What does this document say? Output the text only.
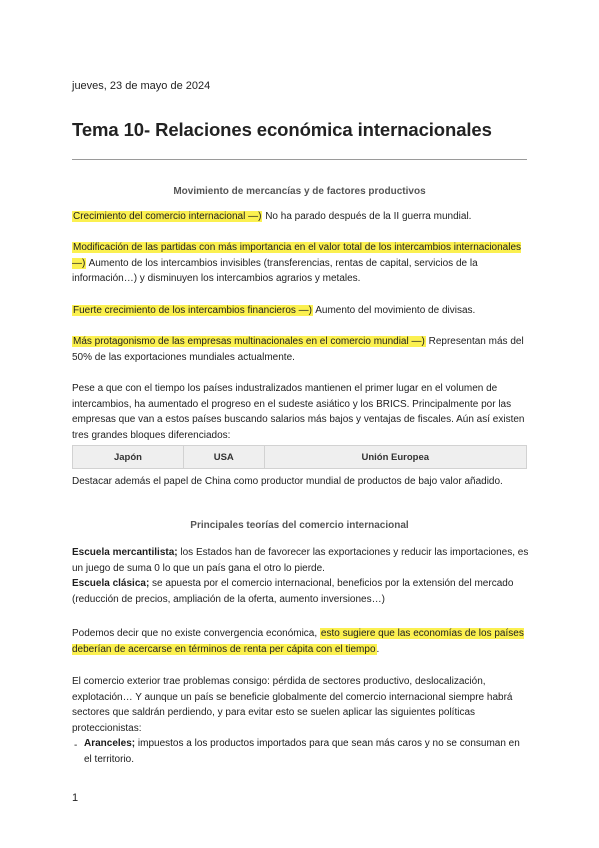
jueves, 23 de mayo de 2024
Tema 10- Relaciones económica internacionales
Movimiento de mercancías y de factores productivos

Crecimiento del comercio internacional —) No ha parado después de la II guerra mundial.

Modificación de las partidas con más importancia en el valor total de los intercambios internacionales —) Aumento de los intercambios invisibles (transferencias, rentas de capital, servicios de la información…) y disminuyen los intercambios agrarios y metales.

Fuerte crecimiento de los intercambios financieros —) Aumento del movimiento de divisas.

Más protagonismo de las empresas multinacionales en el comercio mundial —) Representan más del 50% de las exportaciones mundiales actualmente.

Pese a que con el tiempo los países industralizados mantienen el primer lugar en el volumen de intercambios, ha aumentado el progreso en el sudeste asiático y los BRICS. Principalmente por las empresas que van a estos países buscando salarios más bajos y ventajas de fiscales. Aún así existen tres grandes bloques diferenciados:

Japón	USA	Unión Europea

Destacar además el papel de China como productor mundial de productos de bajo valor añadido.

Principales teorías del comercio internacional

Escuela mercantilista; los Estados han de favorecer las exportaciones y reducir las importaciones, es un juego de suma 0 lo que un país gana el otro lo pierde.

Escuela clásica; se apuesta por el comercio internacional, beneficios por la extensión del mercado (reducción de precios, ampliación de la oferta, aumento inversiones…)

Podemos decir que no existe convergencia económica, esto sugiere que las economías de los países deberían de acercarse en términos de renta per cápita con el tiempo.

El comercio exterior trae problemas consigo: pérdida de sectores productivo, deslocalización, explotación… Y aunque un país se beneficie globalmente del comercio internacional siempre habrá sectores que saldrán perdiendo, y para evitar esto se suelen aplicar las siguientes políticas proteccionistas:

- Aranceles; impuestos a los productos importados para que sean más caros y no se consuman en el territorio.

1
